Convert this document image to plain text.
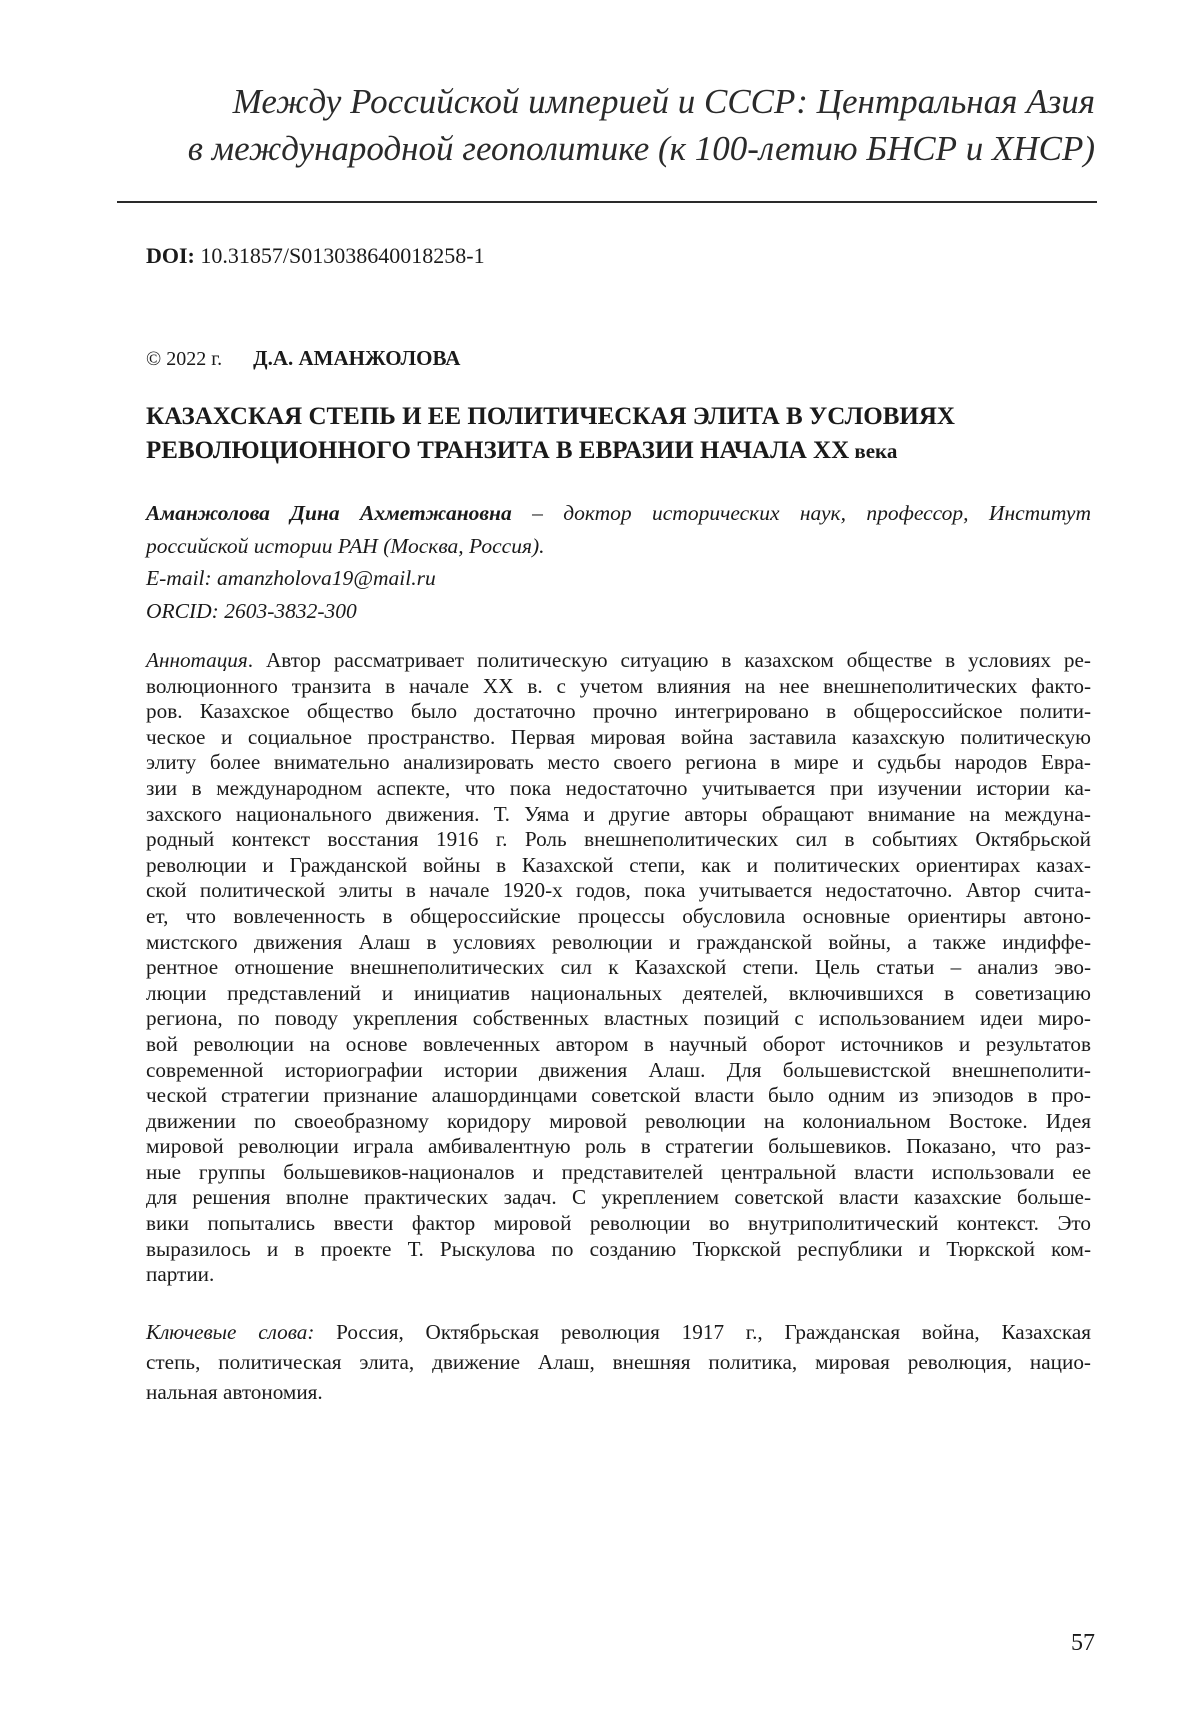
Между Российской империей и СССР: Центральная Азия
в международной геополитике (к 100-летию БНСР и ХНСР)
DOI: 10.31857/S013038640018258-1
© 2022 г. Д.А. АМАНЖОЛОВА
КАЗАХСКАЯ СТЕПЬ И ЕЕ ПОЛИТИЧЕСКАЯ ЭЛИТА В УСЛОВИЯХ
РЕВОЛЮЦИОННОГО ТРАНЗИТА В ЕВРАЗИИ НАЧАЛА XX века
Аманжолова Дина Ахметжановна – доктор исторических наук, профессор, Институт
российской истории РАН (Москва, Россия).
E-mail: amanzholova19@mail.ru
ORCID: 2603-3832-300
Аннотация. Автор рассматривает политическую ситуацию в казахском обществе в условиях ре-
волюционного транзита в начале XX в. с учетом влияния на нее внешнеполитических факто-
ров. Казахское общество было достаточно прочно интегрировано в общероссийское полити-
ческое и социальное пространство. Первая мировая война заставила казахскую политическую
элиту более внимательно анализировать место своего региона в мире и судьбы народов Евра-
зии в международном аспекте, что пока недостаточно учитывается при изучении истории ка-
захского национального движения. Т. Уяма и другие авторы обращают внимание на междуна-
родный контекст восстания 1916 г. Роль внешнеполитических сил в событиях Октябрьской
революции и Гражданской войны в Казахской степи, как и политических ориентирах казах-
ской политической элиты в начале 1920-х годов, пока учитывается недостаточно. Автор счита-
ет, что вовлеченность в общероссийские процессы обусловила основные ориентиры автоно-
мистского движения Алаш в условиях революции и гражданской войны, а также индиффе-
рентное отношение внешнеполитических сил к Казахской степи. Цель статьи – анализ эво-
люции представлений и инициатив национальных деятелей, включившихся в советизацию
региона, по поводу укрепления собственных властных позиций с использованием идеи миро-
вой революции на основе вовлеченных автором в научный оборот источников и результатов
современной историографии истории движения Алаш. Для большевистской внешнеполити-
ческой стратегии признание алашординцами советской власти было одним из эпизодов в про-
движении по своеобразному коридору мировой революции на колониальном Востоке. Идея
мировой революции играла амбивалентную роль в стратегии большевиков. Показано, что раз-
ные группы большевиков-националов и представителей центральной власти использовали ее
для решения вполне практических задач. С укреплением советской власти казахские больше-
вики попытались ввести фактор мировой революции во внутриполитический контекст. Это
выразилось и в проекте Т. Рыскулова по созданию Тюркской республики и Тюркской ком-
партии.
Ключевые слова: Россия, Октябрьская революция 1917 г., Гражданская война, Казахская
степь, политическая элита, движение Алаш, внешняя политика, мировая революция, нацио-
нальная автономия.
57
